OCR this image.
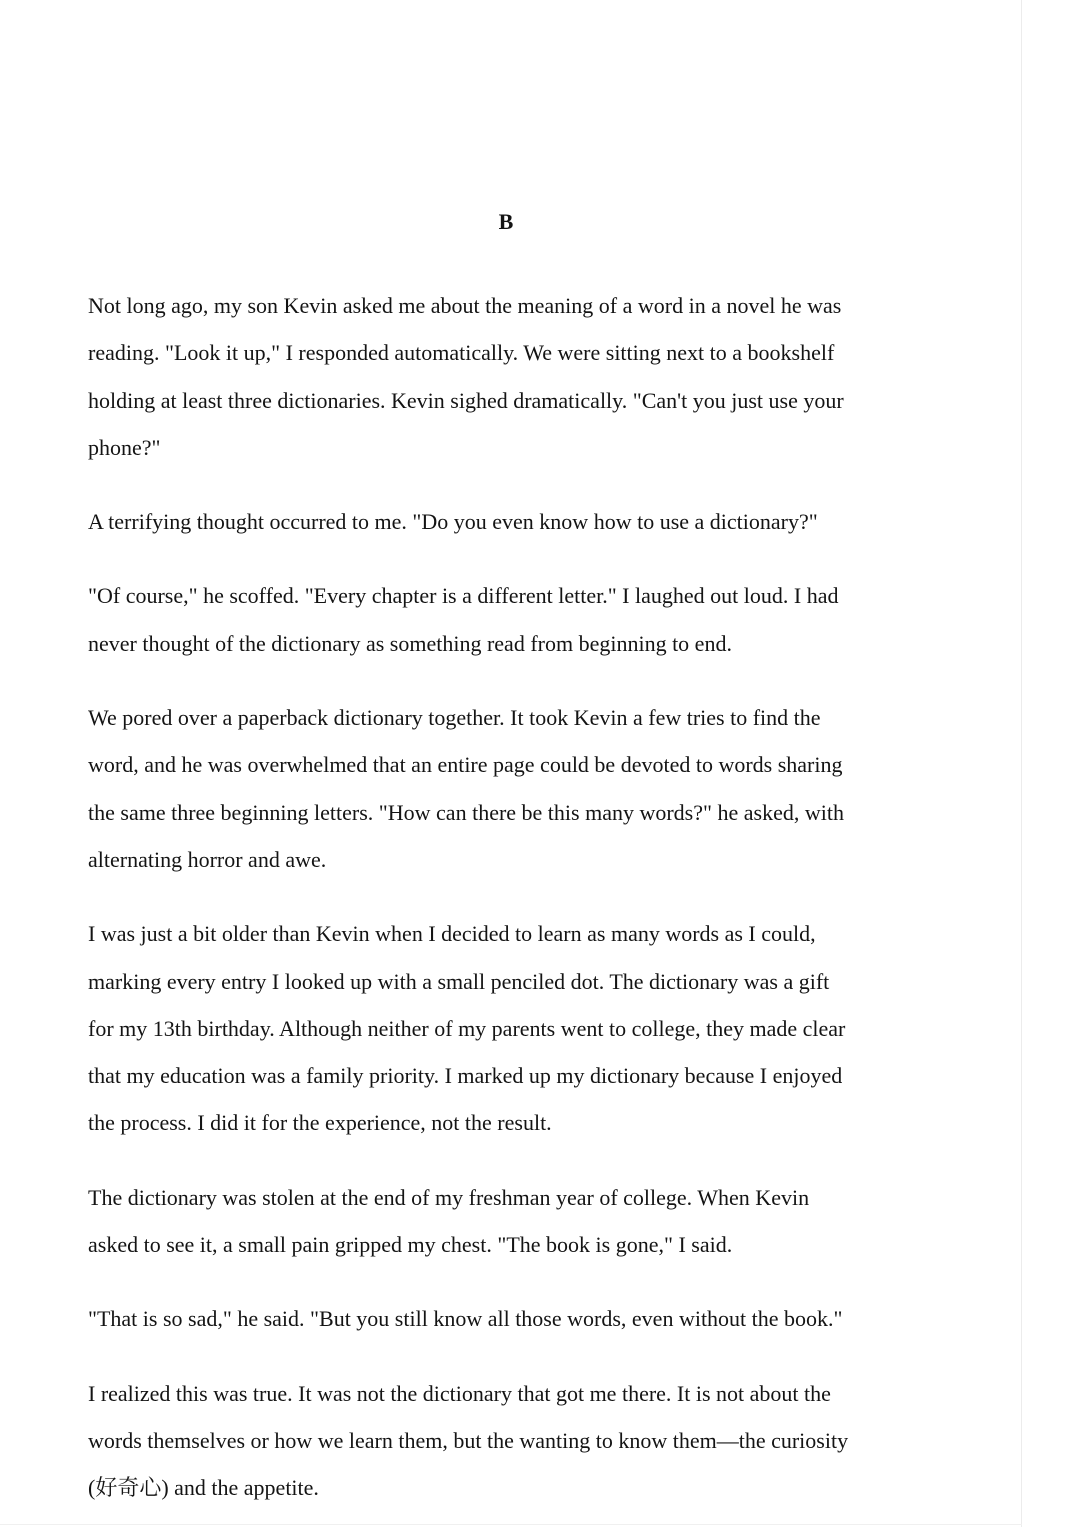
B

Not long ago, my son Kevin asked me about the meaning of a word in a novel he was
reading. "Look it up," I responded automatically. We were sitting next to a bookshelf
holding at least three dictionaries. Kevin sighed dramatically. "Can't you just use your
phone?"

A terrifying thought occurred to me. "Do you even know how to use a dictionary?"

"Of course," he scoffed. "Every chapter is a different letter." I laughed out loud. I had
never thought of the dictionary as something read from beginning to end.

We pored over a paperback dictionary together. It took Kevin a few tries to find the
word, and he was overwhelmed that an entire page could be devoted to words sharing
the same three beginning letters. "How can there be this many words?" he asked, with
alternating horror and awe.

I was just a bit older than Kevin when I decided to learn as many words as I could,
marking every entry I looked up with a small penciled dot. The dictionary was a gift
for my 13th birthday. Although neither of my parents went to college, they made clear
that my education was a family priority. I marked up my dictionary because I enjoyed
the process. I did it for the experience, not the result.

The dictionary was stolen at the end of my freshman year of college. When Kevin
asked to see it, a small pain gripped my chest. "The book is gone," I said.

"That is so sad," he said. "But you still know all those words, even without the book."

I realized this was true. It was not the dictionary that got me there. It is not about the
words themselves or how we learn them, but the wanting to know them—the curiosity
(好奇心) and the appetite.
